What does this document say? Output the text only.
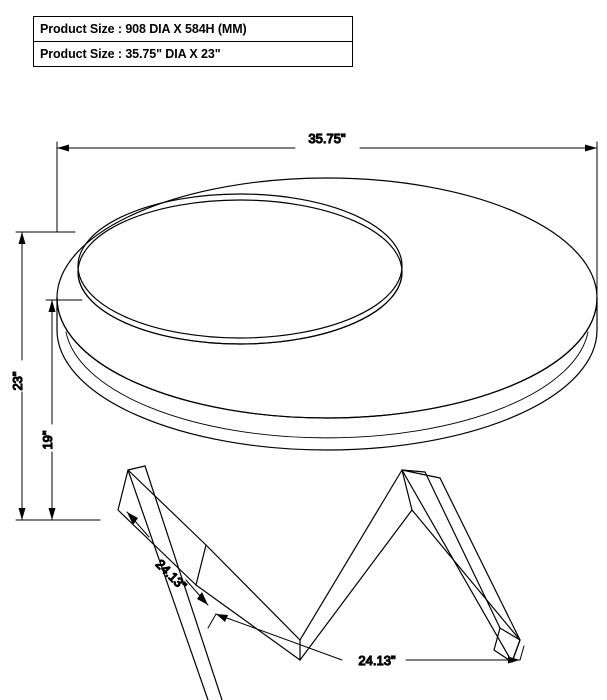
Product Size : 908 DIA X 584H (MM)
Product Size : 35.75" DIA X 23"
35.75"
23"
19"
24.13"
24.13"
